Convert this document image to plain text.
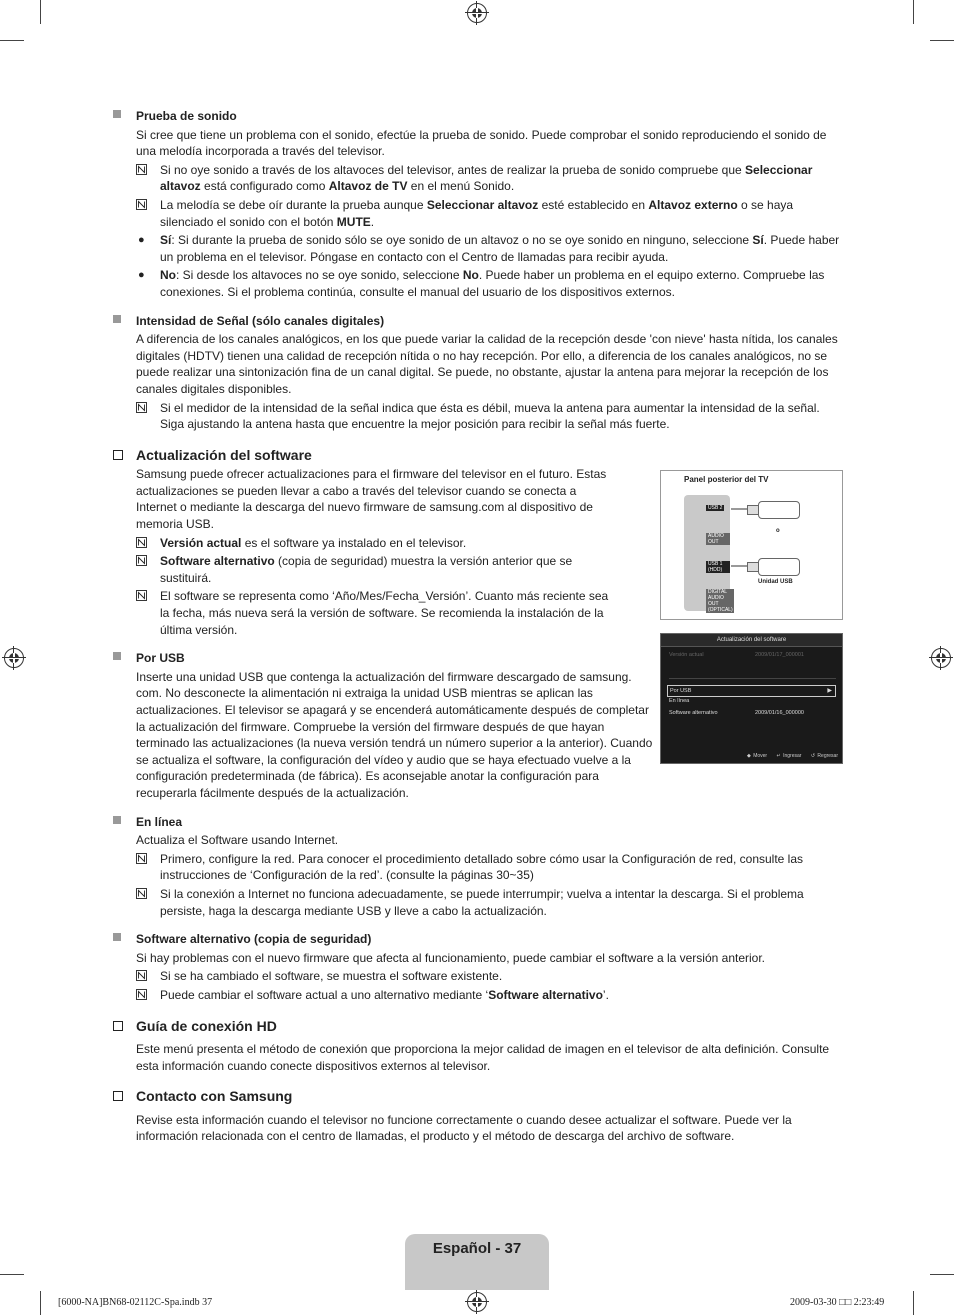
Prueba de sonido
Si cree que tiene un problema con el sonido, efectúe la prueba de sonido. Puede comprobar el sonido reproduciendo el sonido de una melodía incorporada a través del televisor.
Si no oye sonido a través de los altavoces del televisor, antes de realizar la prueba de sonido compruebe que Seleccionar altavoz está configurado como Altavoz de TV en el menú Sonido.
La melodía se debe oír durante la prueba aunque Seleccionar altavoz esté establecido en Altavoz externo o se haya silenciado el sonido con el botón MUTE.
● Sí: Si durante la prueba de sonido sólo se oye sonido de un altavoz o no se oye sonido en ninguno, seleccione Sí. Puede haber un problema en el televisor. Póngase en contacto con el Centro de llamadas para recibir ayuda.
● No: Si desde los altavoces no se oye sonido, seleccione No. Puede haber un problema en el equipo externo. Compruebe las conexiones. Si el problema continúa, consulte el manual del usuario de los dispositivos externos.
Intensidad de Señal (sólo canales digitales)
A diferencia de los canales analógicos, en los que puede variar la calidad de la recepción desde 'con nieve' hasta nítida, los canales digitales (HDTV) tienen una calidad de recepción nítida o no hay recepción. Por ello, a diferencia de los canales analógicos, no se puede realizar una sintonización fina de un canal digital. Se puede, no obstante, ajustar la antena para mejorar la recepción de los canales digitales disponibles.
Si el medidor de la intensidad de la señal indica que ésta es débil, mueva la antena para aumentar la intensidad de la señal. Siga ajustando la antena hasta que encuentre la mejor posición para recibir la señal más fuerte.
Actualización del software
Samsung puede ofrecer actualizaciones para el firmware del televisor en el futuro. Estas actualizaciones se pueden llevar a cabo a través del televisor cuando se conecta a Internet o mediante la descarga del nuevo firmware de samsung.com al dispositivo de memoria USB.
Versión actual es el software ya instalado en el televisor.
Software alternativo (copia de seguridad) muestra la versión anterior que se sustituirá.
El software se representa como ‘Año/Mes/Fecha_Versión’. Cuanto más reciente sea la fecha, más nueva será la versión de software. Se recomienda la instalación de la última versión.
Por USB
Inserte una unidad USB que contenga la actualización del firmware descargado de samsung. com. No desconecte la alimentación ni extraiga la unidad USB mientras se aplican las actualizaciones. El televisor se apagará y se encenderá automáticamente después de completar la actualización del firmware. Compruebe la versión del firmware después de que hayan terminado las actualizaciones (la nueva versión tendrá un número superior a la anterior). Cuando se actualiza el software, la configuración del vídeo y audio que se haya efectuado vuelve a la configuración predeterminada (de fábrica). Es aconsejable anotar la configuración para recuperarla fácilmente después de la actualización.
En línea
Actualiza el Software usando Internet.
Primero, configure la red. Para conocer el procedimiento detallado sobre cómo usar la Configuración de red, consulte las instrucciones de ‘Configuración de la red’. (consulte la páginas 30~35)
Si la conexión a Internet no funciona adecuadamente, se puede interrumpir; vuelva a intentar la descarga. Si el problema persiste, haga la descarga mediante USB y lleve a cabo la actualización.
Software alternativo (copia de seguridad)
Si hay problemas con el nuevo firmware que afecta al funcionamiento, puede cambiar el software a la versión anterior.
Si se ha cambiado el software, se muestra el software existente.
Puede cambiar el software actual a uno alternativo mediante ‘Software alternativo’.
Guía de conexión HD
Este menú presenta el método de conexión que proporciona la mejor calidad de imagen en el televisor de alta definición. Consulte esta información cuando conecte dispositivos externos al televisor.
Contacto con Samsung
Revise esta información cuando el televisor no funcione correctamente o cuando desee actualizar el software. Puede ver la información relacionada con el centro de llamadas, el producto y el método de descarga del archivo de software.
Panel posterior del TV
USB 2
AUDIO OUT
USB 1 (HDD)
DIGITAL AUDIO OUT (OPTICAL)
o
Unidad USB
Actualización del software
Versión actual	2009/01/17_000001
Por USB	▶
En línea
Software alternativo	2009/01/16_000000
◆ Mover ↵ Ingresar ↺ Regresar
Español - 37
[6000-NA]BN68-02112C-Spa.indb 37	2009-03-30 □□ 2:23:49
